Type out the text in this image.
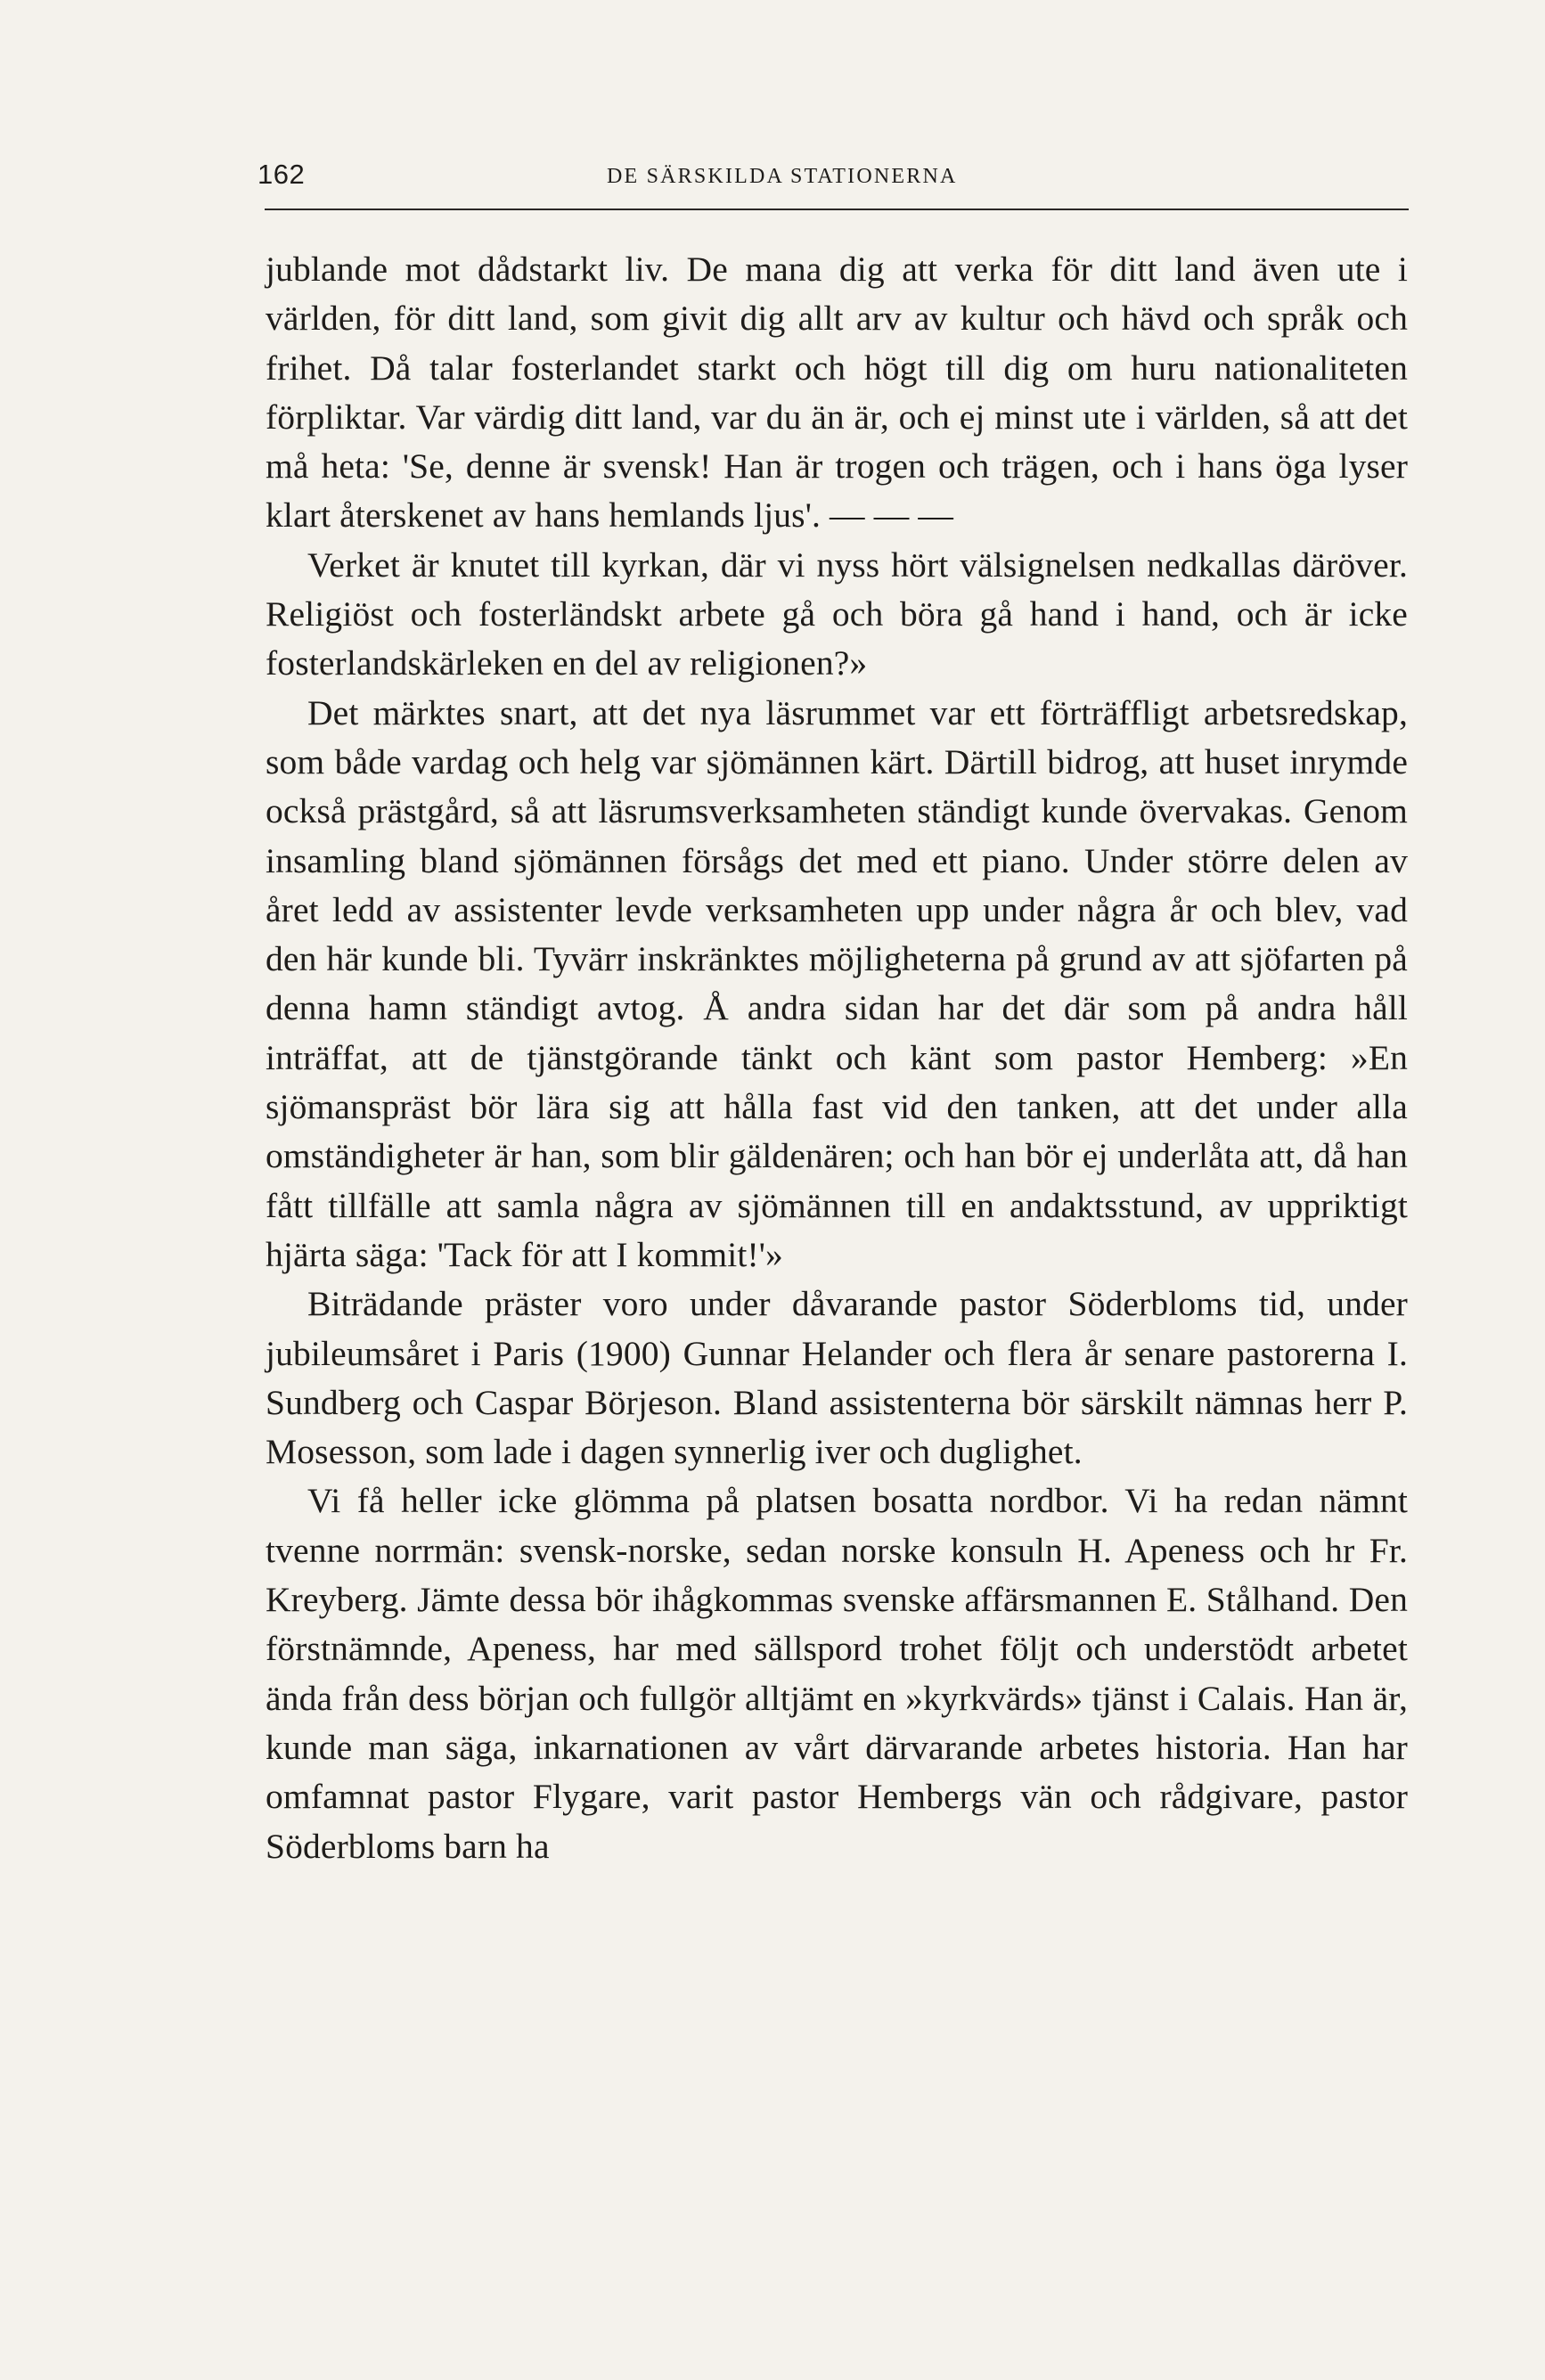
162	DE SÄRSKILDA STATIONERNA

jublande mot dådstarkt liv. De mana dig att verka för ditt land även ute i världen, för ditt land, som givit dig allt arv av kultur och hävd och språk och frihet. Då talar fosterlandet starkt och högt till dig om huru nationaliteten förpliktar. Var värdig ditt land, var du än är, och ej minst ute i världen, så att det må heta: 'Se, denne är svensk! Han är trogen och trägen, och i hans öga lyser klart återskenet av hans hemlands ljus'. — — —

Verket är knutet till kyrkan, där vi nyss hört välsignelsen nedkallas däröver. Religiöst och fosterländskt arbete gå och böra gå hand i hand, och är icke fosterlandskärleken en del av religionen?»

Det märktes snart, att det nya läsrummet var ett förträffligt arbetsredskap, som både vardag och helg var sjömännen kärt. Därtill bidrog, att huset inrymde också prästgård, så att läsrumsverksamheten ständigt kunde övervakas. Genom insamling bland sjömännen försågs det med ett piano. Under större delen av året ledd av assistenter levde verksamheten upp under några år och blev, vad den här kunde bli. Tyvärr inskränktes möjligheterna på grund av att sjöfarten på denna hamn ständigt avtog. Å andra sidan har det där som på andra håll inträffat, att de tjänstgörande tänkt och känt som pastor Hemberg: »En sjömanspräst bör lära sig att hålla fast vid den tanken, att det under alla omständigheter är han, som blir gäldenären; och han bör ej underlåta att, då han fått tillfälle att samla några av sjömännen till en andaktsstund, av uppriktigt hjärta säga: 'Tack för att I kommit!'»

Biträdande präster voro under dåvarande pastor Söderbloms tid, under jubileumsåret i Paris (1900) Gunnar Helander och flera år senare pastorerna I. Sundberg och Caspar Börjeson. Bland assistenterna bör särskilt nämnas herr P. Mosesson, som lade i dagen synnerlig iver och duglighet.

Vi få heller icke glömma på platsen bosatta nordbor. Vi ha redan nämnt tvenne norrmän: svensk-norske, sedan norske konsuln H. Apeness och hr Fr. Kreyberg. Jämte dessa bör ihågkommas svenske affärsmannen E. Stålhand. Den förstnämnde, Apeness, har med sällspord trohet följt och understödt arbetet ända från dess början och fullgör alltjämt en »kyrkvärds» tjänst i Calais. Han är, kunde man säga, inkarnationen av vårt därvarande arbetes historia. Han har omfamnat pastor Flygare, varit pastor Hembergs vän och rådgivare, pastor Söderbloms barn ha
